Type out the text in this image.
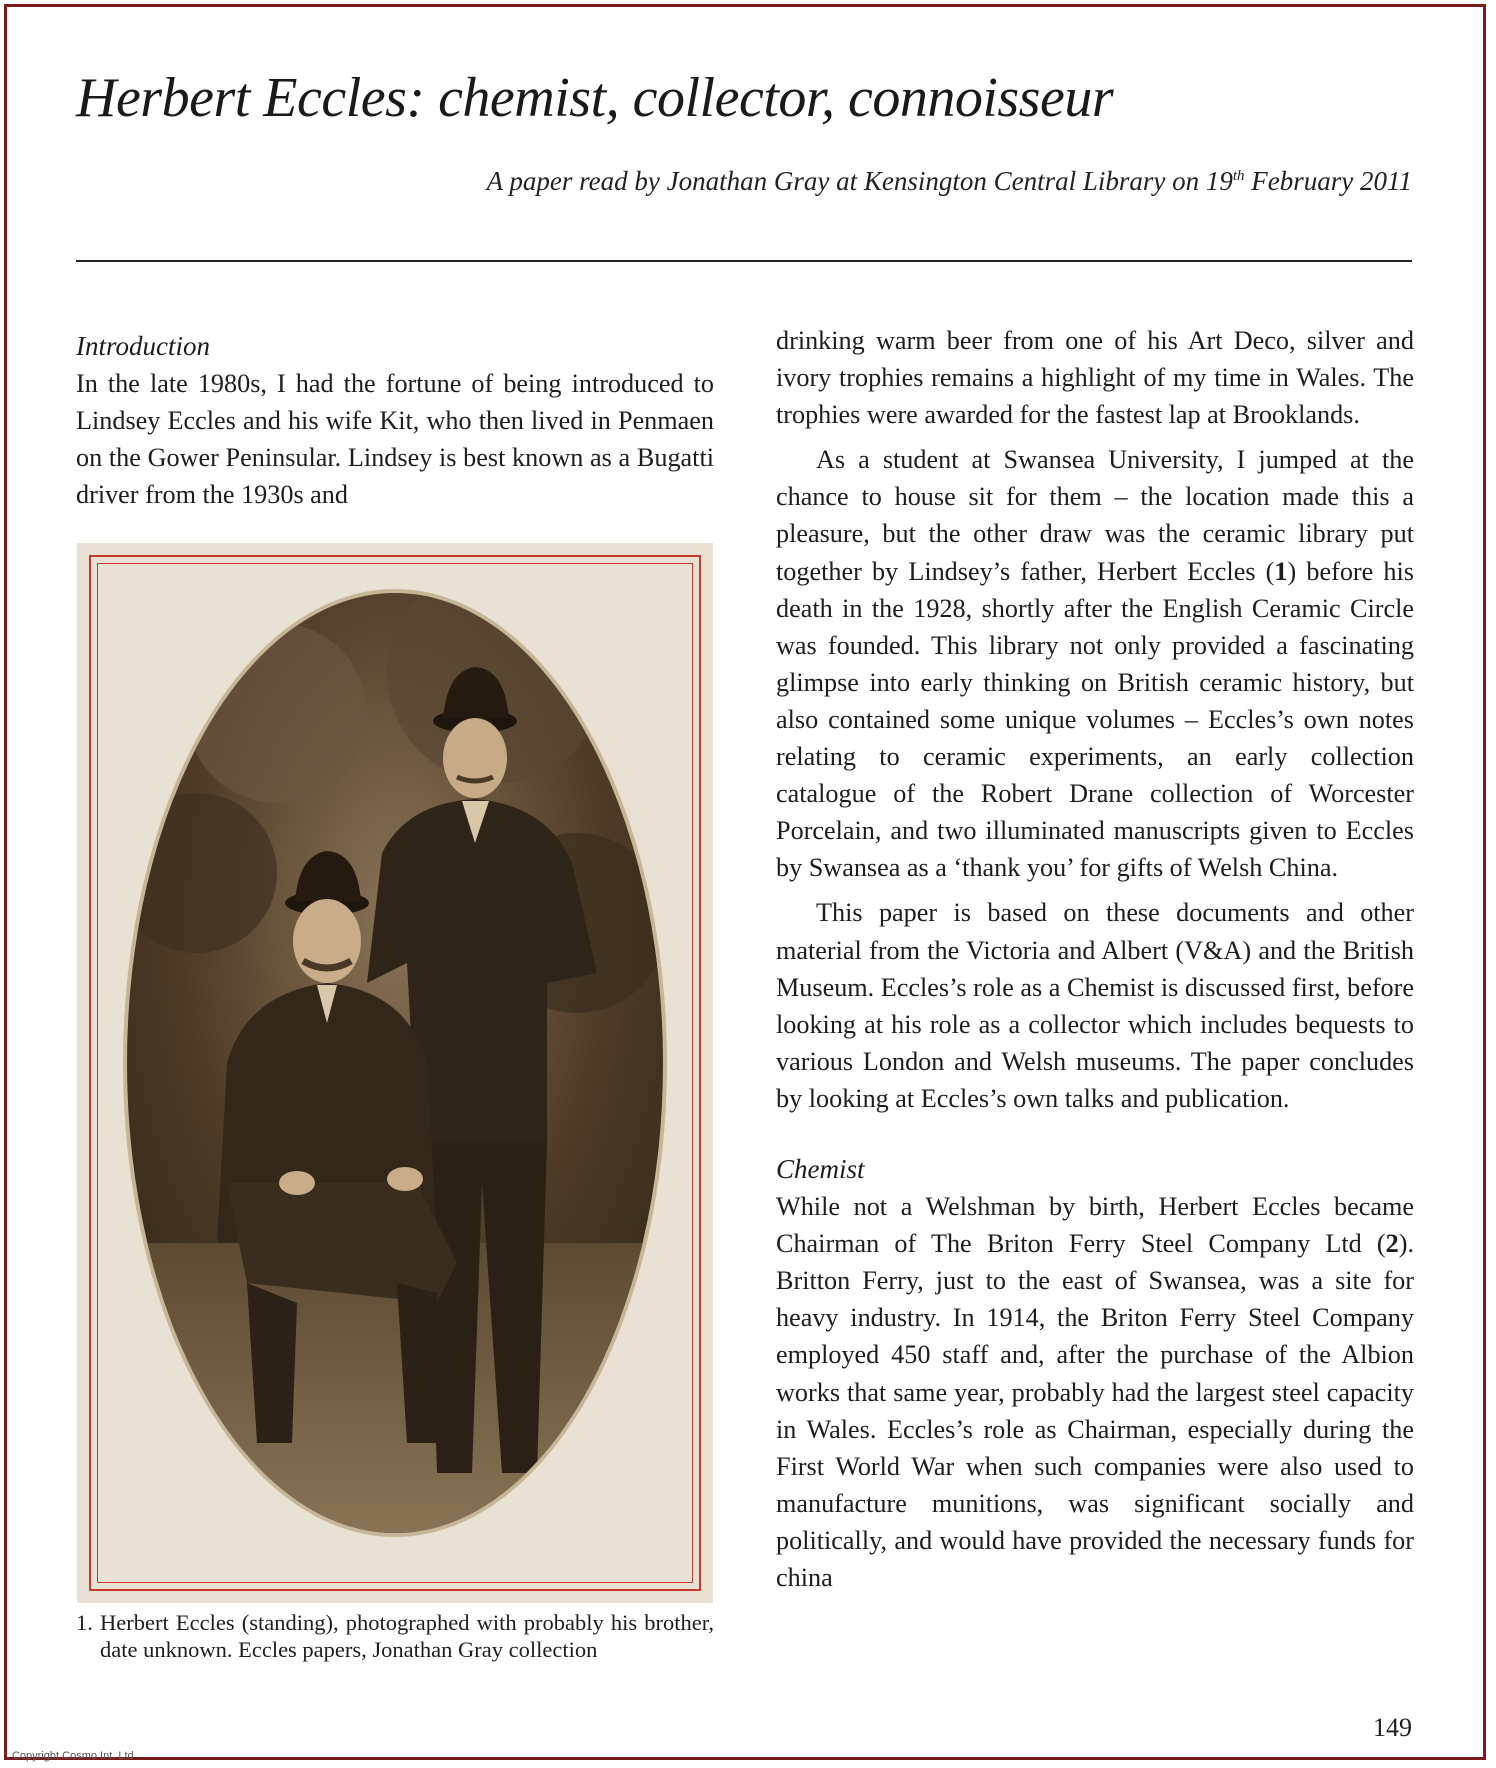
Herbert Eccles: chemist, collector, connoisseur

A paper read by Jonathan Gray at Kensington Central Library on 19th February 2011

Introduction

In the late 1980s, I had the fortune of being introduced to Lindsey Eccles and his wife Kit, who then lived in Penmaen on the Gower Peninsular. Lindsey is best known as a Bugatti driver from the 1930s and

1. Herbert Eccles (standing), photographed with probably his brother, date unknown. Eccles papers, Jonathan Gray collection

drinking warm beer from one of his Art Deco, silver and ivory trophies remains a highlight of my time in Wales. The trophies were awarded for the fastest lap at Brooklands.

As a student at Swansea University, I jumped at the chance to house sit for them – the location made this a pleasure, but the other draw was the ceramic library put together by Lindsey’s father, Herbert Eccles (1) before his death in the 1928, shortly after the English Ceramic Circle was founded. This library not only provided a fascinating glimpse into early thinking on British ceramic history, but also contained some unique volumes – Eccles’s own notes relating to ceramic experiments, an early collection catalogue of the Robert Drane collection of Worcester Porcelain, and two illuminated manuscripts given to Eccles by Swansea as a ‘thank you’ for gifts of Welsh China.

This paper is based on these documents and other material from the Victoria and Albert (V&A) and the British Museum. Eccles’s role as a Chemist is discussed first, before looking at his role as a collector which includes bequests to various London and Welsh museums. The paper concludes by looking at Eccles’s own talks and publication.

Chemist

While not a Welshman by birth, Herbert Eccles became Chairman of The Briton Ferry Steel Company Ltd (2). Britton Ferry, just to the east of Swansea, was a site for heavy industry. In 1914, the Briton Ferry Steel Company employed 450 staff and, after the purchase of the Albion works that same year, probably had the largest steel capacity in Wales. Eccles’s role as Chairman, especially during the First World War when such companies were also used to manufacture munitions, was significant socially and politically, and would have provided the necessary funds for china

149

Copyright Cosmo Int. Ltd
